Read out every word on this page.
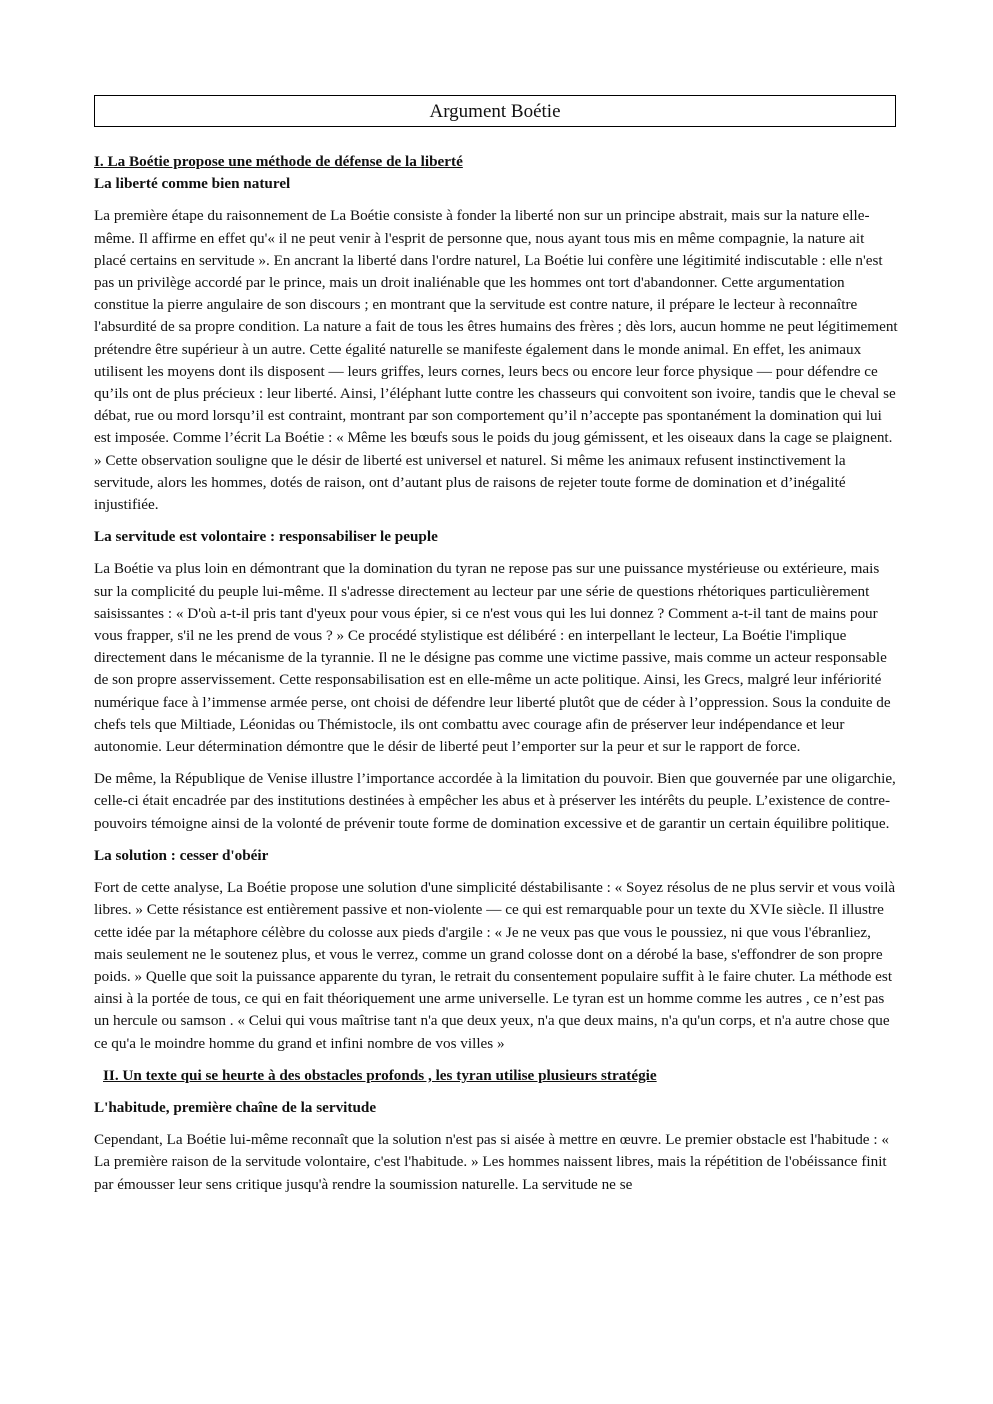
Argument Boétie
I. La Boétie propose une méthode de défense de la liberté
La liberté comme bien naturel

La première étape du raisonnement de La Boétie consiste à fonder la liberté non sur un principe abstrait, mais sur la nature elle-même. Il affirme en effet qu'« il ne peut venir à l'esprit de personne que, nous ayant tous mis en même compagnie, la nature ait placé certains en servitude ». En ancrant la liberté dans l'ordre naturel, La Boétie lui confère une légitimité indiscutable : elle n'est pas un privilège accordé par le prince, mais un droit inaliénable que les hommes ont tort d'abandonner. Cette argumentation constitue la pierre angulaire de son discours ; en montrant que la servitude est contre nature, il prépare le lecteur à reconnaître l'absurdité de sa propre condition. La nature a fait de tous les êtres humains des frères ; dès lors, aucun homme ne peut légitimement prétendre être supérieur à un autre. Cette égalité naturelle se manifeste également dans le monde animal. En effet, les animaux utilisent les moyens dont ils disposent — leurs griffes, leurs cornes, leurs becs ou encore leur force physique — pour défendre ce qu’ils ont de plus précieux : leur liberté. Ainsi, l’éléphant lutte contre les chasseurs qui convoitent son ivoire, tandis que le cheval se débat, rue ou mord lorsqu’il est contraint, montrant par son comportement qu’il n’accepte pas spontanément la domination qui lui est imposée. Comme l’écrit La Boétie : « Même les bœufs sous le poids du joug gémissent, et les oiseaux dans la cage se plaignent. » Cette observation souligne que le désir de liberté est universel et naturel. Si même les animaux refusent instinctivement la servitude, alors les hommes, dotés de raison, ont d’autant plus de raisons de rejeter toute forme de domination et d’inégalité injustifiée.

La servitude est volontaire : responsabiliser le peuple

La Boétie va plus loin en démontrant que la domination du tyran ne repose pas sur une puissance mystérieuse ou extérieure, mais sur la complicité du peuple lui-même. Il s'adresse directement au lecteur par une série de questions rhétoriques particulièrement saisissantes : « D'où a-t-il pris tant d'yeux pour vous épier, si ce n'est vous qui les lui donnez ? Comment a-t-il tant de mains pour vous frapper, s'il ne les prend de vous ? » Ce procédé stylistique est délibéré : en interpellant le lecteur, La Boétie l'implique directement dans le mécanisme de la tyrannie. Il ne le désigne pas comme une victime passive, mais comme un acteur responsable de son propre asservissement. Cette responsabilisation est en elle-même un acte politique. Ainsi, les Grecs, malgré leur infériorité numérique face à l’immense armée perse, ont choisi de défendre leur liberté plutôt que de céder à l’oppression. Sous la conduite de chefs tels que Miltiade, Léonidas ou Thémistocle, ils ont combattu avec courage afin de préserver leur indépendance et leur autonomie. Leur détermination démontre que le désir de liberté peut l’emporter sur la peur et sur le rapport de force.

De même, la République de Venise illustre l’importance accordée à la limitation du pouvoir. Bien que gouvernée par une oligarchie, celle-ci était encadrée par des institutions destinées à empêcher les abus et à préserver les intérêts du peuple. L’existence de contre-pouvoirs témoigne ainsi de la volonté de prévenir toute forme de domination excessive et de garantir un certain équilibre politique.

La solution : cesser d'obéir

Fort de cette analyse, La Boétie propose une solution d'une simplicité déstabilisante : « Soyez résolus de ne plus servir et vous voilà libres. » Cette résistance est entièrement passive et non-violente — ce qui est remarquable pour un texte du XVIe siècle. Il illustre cette idée par la métaphore célèbre du colosse aux pieds d'argile : « Je ne veux pas que vous le poussiez, ni que vous l'ébranliez, mais seulement ne le soutenez plus, et vous le verrez, comme un grand colosse dont on a dérobé la base, s'effondrer de son propre poids. » Quelle que soit la puissance apparente du tyran, le retrait du consentement populaire suffit à le faire chuter. La méthode est ainsi à la portée de tous, ce qui en fait théoriquement une arme universelle. Le tyran est un homme comme les autres , ce n’est pas un hercule ou samson . « Celui qui vous maîtrise tant n'a que deux yeux, n'a que deux mains, n'a qu'un corps, et n'a autre chose que ce qu'a le moindre homme du grand et infini nombre de vos villes »

II. Un texte qui se heurte à des obstacles profonds , les tyran utilise plusieurs stratégie
L'habitude, première chaîne de la servitude

Cependant, La Boétie lui-même reconnaît que la solution n'est pas si aisée à mettre en œuvre. Le premier obstacle est l'habitude : « La première raison de la servitude volontaire, c'est l'habitude. » Les hommes naissent libres, mais la répétition de l'obéissance finit par émousser leur sens critique jusqu'à rendre la soumission naturelle. La servitude ne se
